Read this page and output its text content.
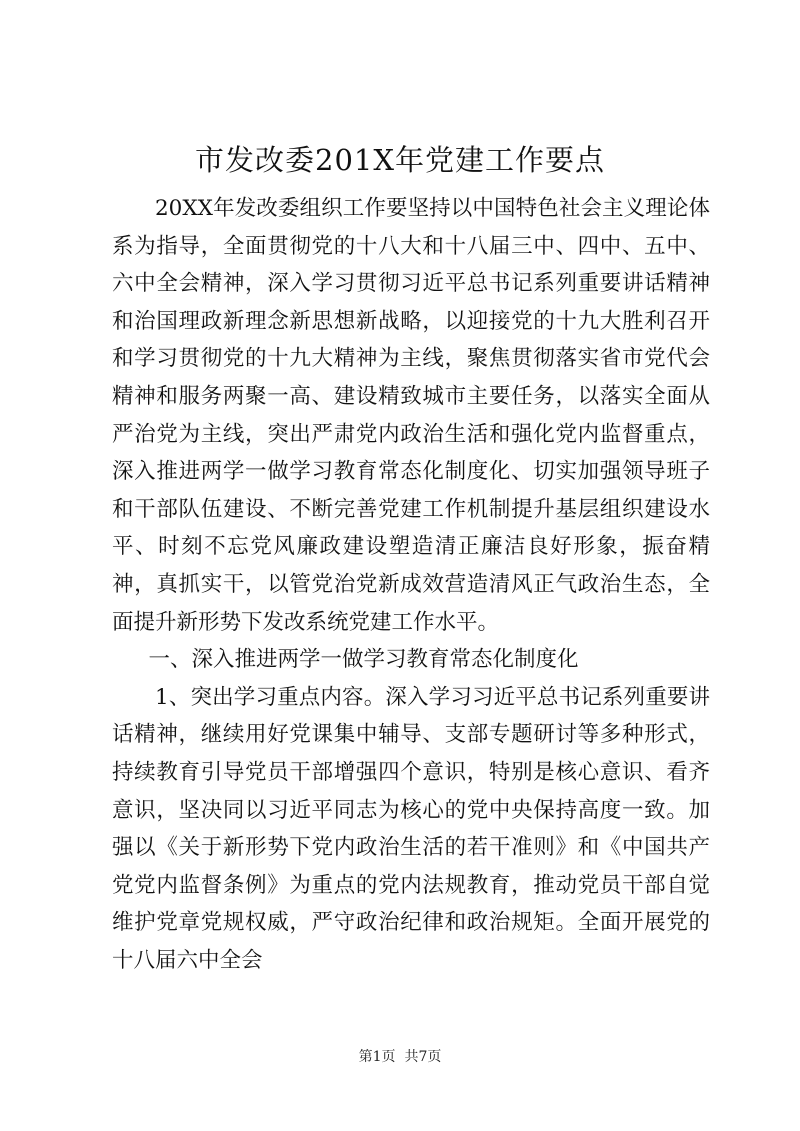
市发改委201X年党建工作要点

20XX年发改委组织工作要坚持以中国特色社会主义理论体系为指导，全面贯彻党的十八大和十八届三中、四中、五中、六中全会精神，深入学习贯彻习近平总书记系列重要讲话精神和治国理政新理念新思想新战略，以迎接党的十九大胜利召开和学习贯彻党的十九大精神为主线，聚焦贯彻落实省市党代会精神和服务两聚一高、建设精致城市主要任务，以落实全面从严治党为主线，突出严肃党内政治生活和强化党内监督重点，深入推进两学一做学习教育常态化制度化、切实加强领导班子和干部队伍建设、不断完善党建工作机制提升基层组织建设水平、时刻不忘党风廉政建设塑造清正廉洁良好形象，振奋精神，真抓实干，以管党治党新成效营造清风正气政治生态，全面提升新形势下发改系统党建工作水平。

一、深入推进两学一做学习教育常态化制度化

1、突出学习重点内容。深入学习习近平总书记系列重要讲话精神，继续用好党课集中辅导、支部专题研讨等多种形式，持续教育引导党员干部增强四个意识，特别是核心意识、看齐意识，坚决同以习近平同志为核心的党中央保持高度一致。加强以《关于新形势下党内政治生活的若干准则》和《中国共产党党内监督条例》为重点的党内法规教育，推动党员干部自觉维护党章党规权威，严守政治纪律和政治规矩。全面开展党的十八届六中全会

第1页 共7页
